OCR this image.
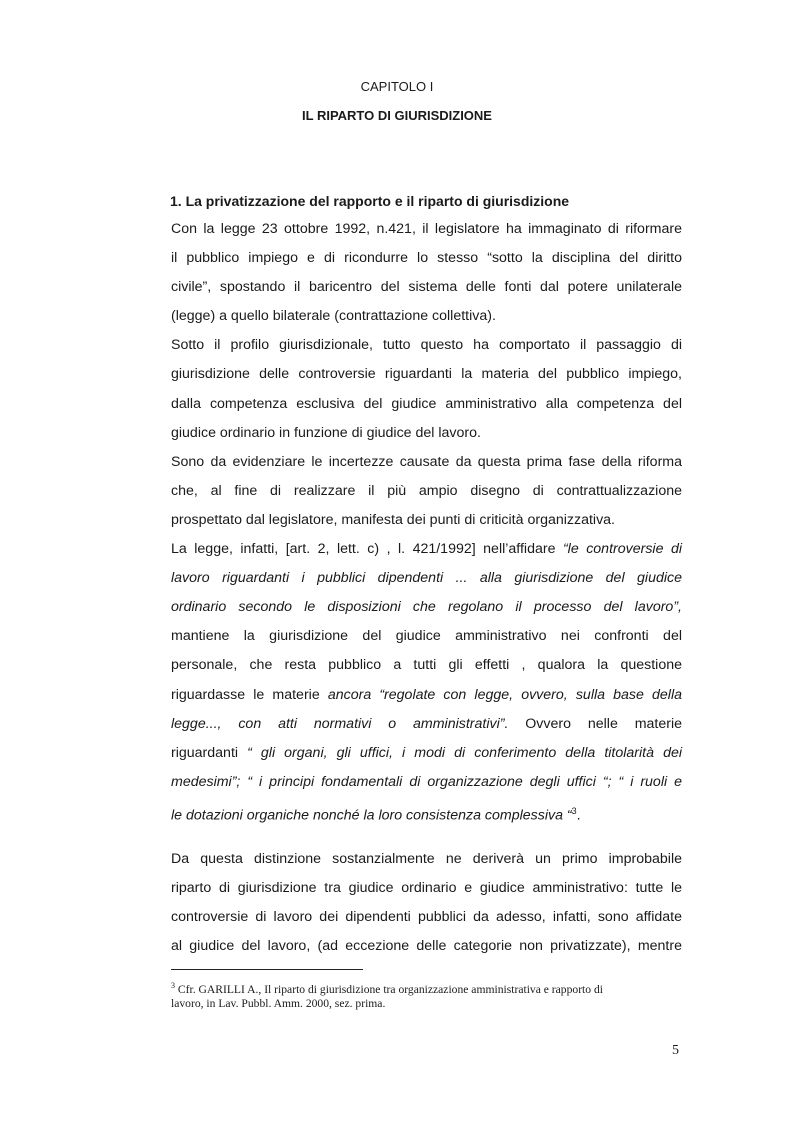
CAPITOLO I

IL RIPARTO DI GIURISDIZIONE

1. La privatizzazione del rapporto e il riparto di giurisdizione

Con la legge 23 ottobre 1992, n.421, il legislatore ha immaginato di riformare
il pubblico impiego e di ricondurre lo stesso “sotto la disciplina del diritto
civile”, spostando il baricentro del sistema delle fonti dal potere unilaterale
(legge) a quello bilaterale (contrattazione collettiva).
Sotto il profilo giurisdizionale, tutto questo ha comportato il passaggio di
giurisdizione delle controversie riguardanti la materia del pubblico impiego,
dalla competenza esclusiva del giudice amministrativo alla competenza del
giudice ordinario in funzione di giudice del lavoro.
Sono da evidenziare le incertezze causate da questa prima fase della riforma
che, al fine di realizzare il più ampio disegno di contrattualizzazione
prospettato dal legislatore, manifesta dei punti di criticità organizzativa.
La legge, infatti, [art. 2, lett. c) , l. 421/1992] nell’affidare “le controversie di
lavoro riguardanti i pubblici dipendenti ... alla giurisdizione del giudice
ordinario secondo le disposizioni che regolano il processo del lavoro”,
mantiene la giurisdizione del giudice amministrativo nei confronti del
personale, che resta pubblico a tutti gli effetti , qualora la questione
riguardasse le materie ancora “regolate con legge, ovvero, sulla base della
legge..., con atti normativi o amministrativi”. Ovvero nelle materie
riguardanti “ gli organi, gli uffici, i modi di conferimento della titolarità dei
medesimi”; “ i principi fondamentali di organizzazione degli uffici “; “ i ruoli e
le dotazioni organiche nonché la loro consistenza complessiva “$^3$.
Da questa distinzione sostanzialmente ne deriverà un primo improbabile
riparto di giurisdizione tra giudice ordinario e giudice amministrativo: tutte le
controversie di lavoro dei dipendenti pubblici da adesso, infatti, sono affidate
al giudice del lavoro, (ad eccezione delle categorie non privatizzate), mentre
$^3$ Cfr. GARILLI A., Il riparto di giurisdizione tra organizzazione amministrativa e rapporto di
lavoro, in Lav. Pubbl. Amm. 2000, sez. prima.
5
